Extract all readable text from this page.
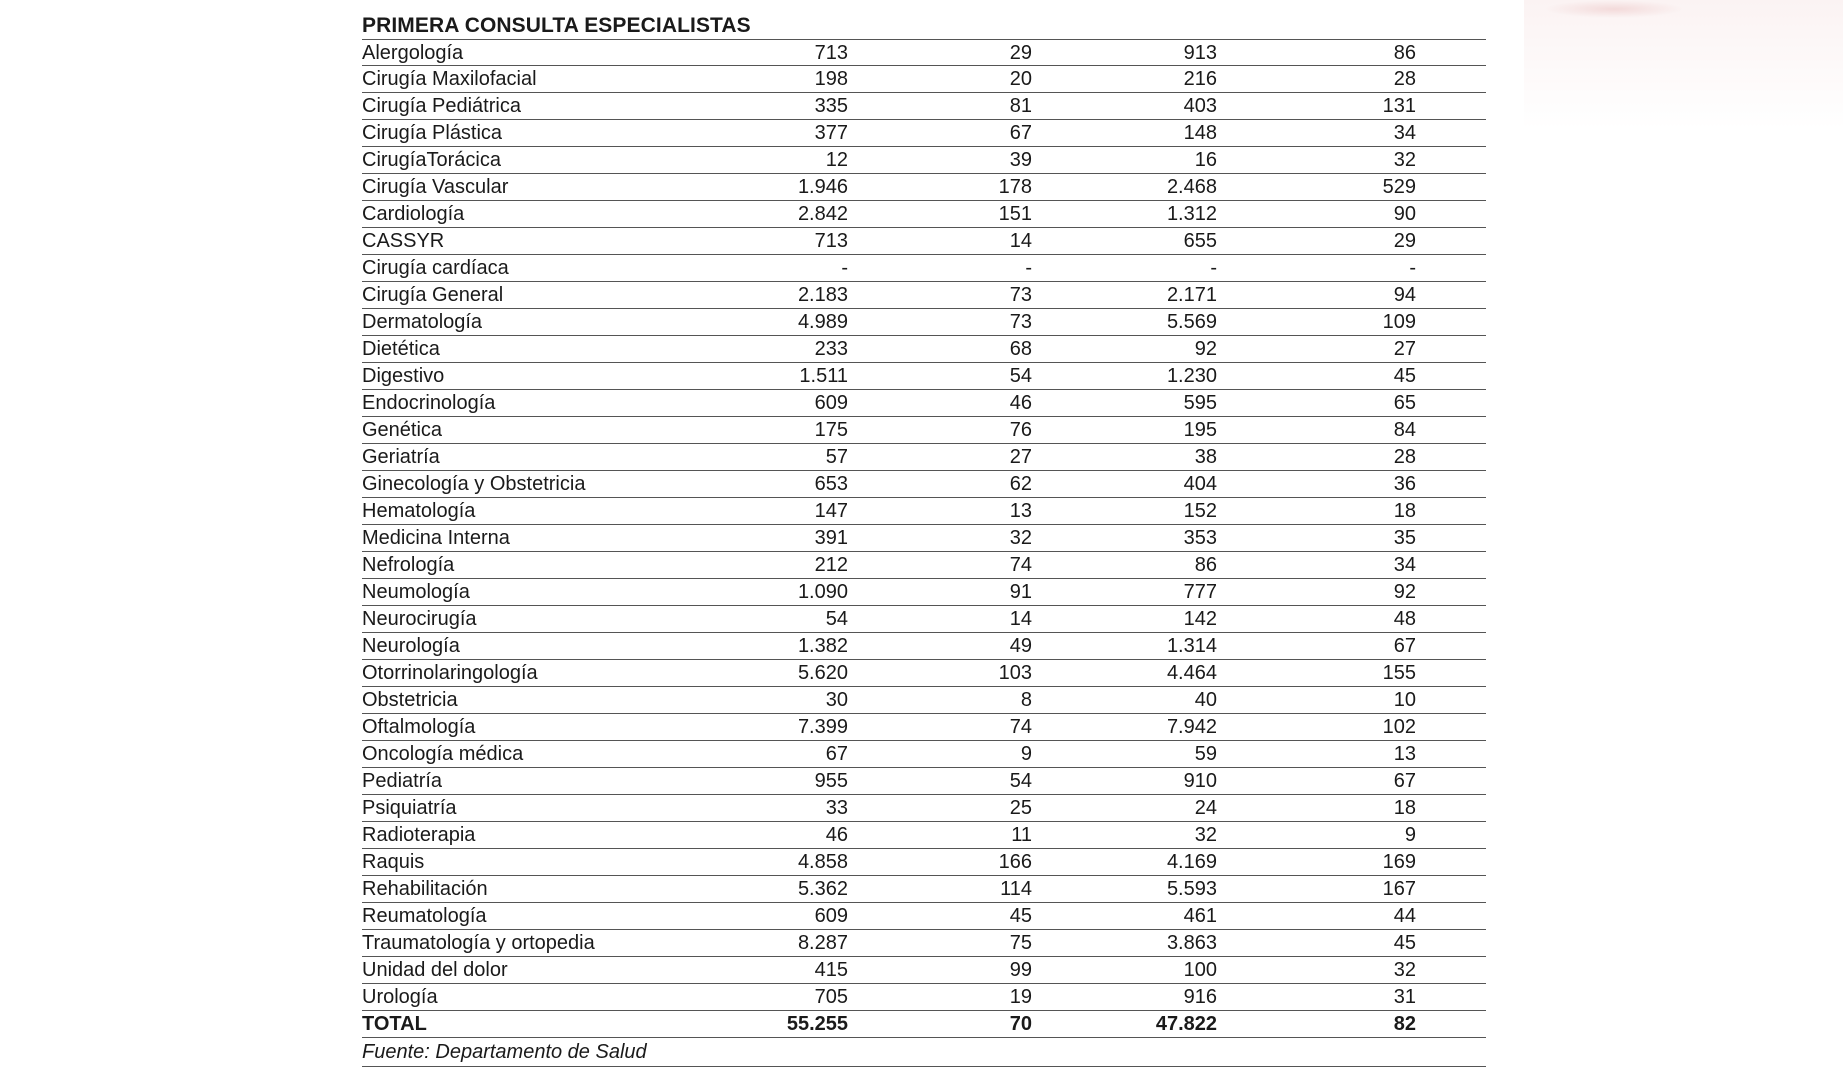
PRIMERA CONSULTA ESPECIALISTAS
Alergología	713	29	913	86
Cirugía Maxilofacial	198	20	216	28
Cirugía Pediátrica	335	81	403	131
Cirugía Plástica	377	67	148	34
CirugíaTorácica	12	39	16	32
Cirugía Vascular	1.946	178	2.468	529
Cardiología	2.842	151	1.312	90
CASSYR	713	14	655	29
Cirugía cardíaca	-	-	-	-
Cirugía General	2.183	73	2.171	94
Dermatología	4.989	73	5.569	109
Dietética	233	68	92	27
Digestivo	1.511	54	1.230	45
Endocrinología	609	46	595	65
Genética	175	76	195	84
Geriatría	57	27	38	28
Ginecología y Obstetricia	653	62	404	36
Hematología	147	13	152	18
Medicina Interna	391	32	353	35
Nefrología	212	74	86	34
Neumología	1.090	91	777	92
Neurocirugía	54	14	142	48
Neurología	1.382	49	1.314	67
Otorrinolaringología	5.620	103	4.464	155
Obstetricia	30	8	40	10
Oftalmología	7.399	74	7.942	102
Oncología médica	67	9	59	13
Pediatría	955	54	910	67
Psiquiatría	33	25	24	18
Radioterapia	46	11	32	9
Raquis	4.858	166	4.169	169
Rehabilitación	5.362	114	5.593	167
Reumatología	609	45	461	44
Traumatología y ortopedia	8.287	75	3.863	45
Unidad del dolor	415	99	100	32
Urología	705	19	916	31
TOTAL	55.255	70	47.822	82
Fuente: Departamento de Salud
